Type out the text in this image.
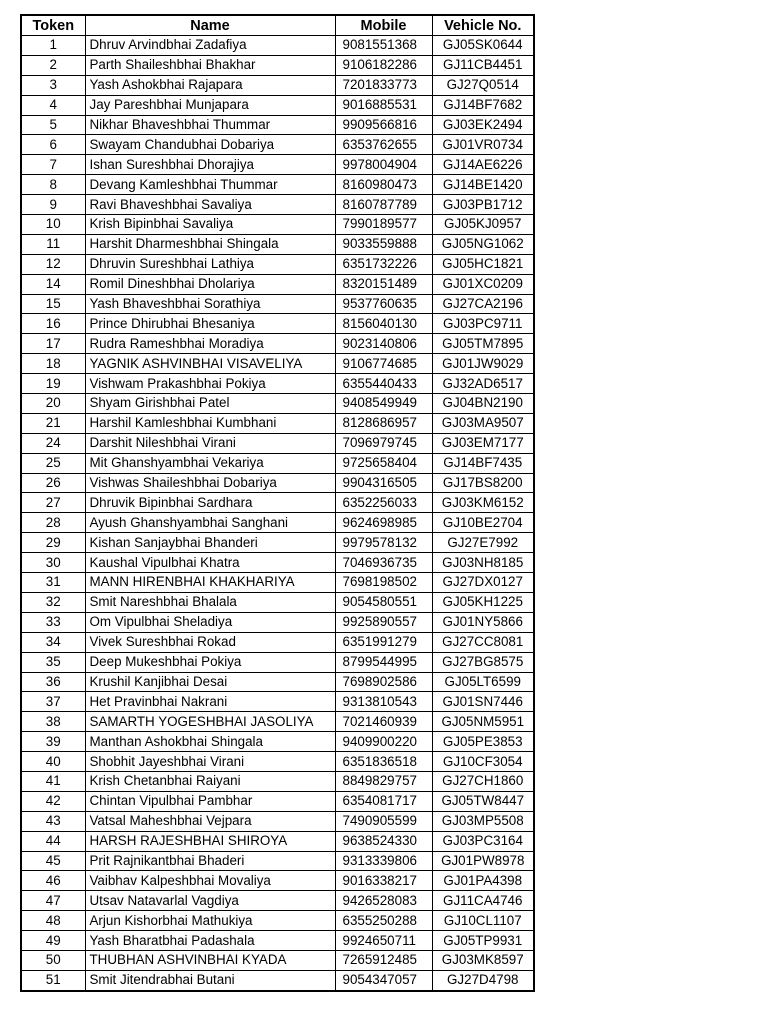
Token	Name	Mobile	Vehicle No.
1	Dhruv Arvindbhai Zadafiya	9081551368	GJ05SK0644
2	Parth Shaileshbhai Bhakhar	9106182286	GJ11CB4451
3	Yash Ashokbhai Rajapara	7201833773	GJ27Q0514
4	Jay Pareshbhai Munjapara	9016885531	GJ14BF7682
5	Nikhar Bhaveshbhai Thummar	9909566816	GJ03EK2494
6	Swayam Chandubhai Dobariya	6353762655	GJ01VR0734
7	Ishan Sureshbhai Dhorajiya	9978004904	GJ14AE6226
8	Devang Kamleshbhai Thummar	8160980473	GJ14BE1420
9	Ravi Bhaveshbhai Savaliya	8160787789	GJ03PB1712
10	Krish Bipinbhai Savaliya	7990189577	GJ05KJ0957
11	Harshit Dharmeshbhai Shingala	9033559888	GJ05NG1062
12	Dhruvin Sureshbhai Lathiya	6351732226	GJ05HC1821
14	Romil Dineshbhai Dholariya	8320151489	GJ01XC0209
15	Yash Bhaveshbhai Sorathiya	9537760635	GJ27CA2196
16	Prince Dhirubhai Bhesaniya	8156040130	GJ03PC9711
17	Rudra Rameshbhai Moradiya	9023140806	GJ05TM7895
18	YAGNIK ASHVINBHAI VISAVELIYA	9106774685	GJ01JW9029
19	Vishwam Prakashbhai Pokiya	6355440433	GJ32AD6517
20	Shyam Girishbhai Patel	9408549949	GJ04BN2190
21	Harshil Kamleshbhai Kumbhani	8128686957	GJ03MA9507
24	Darshit Nileshbhai Virani	7096979745	GJ03EM7177
25	Mit Ghanshyambhai Vekariya	9725658404	GJ14BF7435
26	Vishwas Shaileshbhai Dobariya	9904316505	GJ17BS8200
27	Dhruvik Bipinbhai Sardhara	6352256033	GJ03KM6152
28	Ayush Ghanshyambhai Sanghani	9624698985	GJ10BE2704
29	Kishan Sanjaybhai Bhanderi	9979578132	GJ27E7992
30	Kaushal Vipulbhai Khatra	7046936735	GJ03NH8185
31	MANN HIRENBHAI KHAKHARIYA	7698198502	GJ27DX0127
32	Smit Nareshbhai Bhalala	9054580551	GJ05KH1225
33	Om Vipulbhai Sheladiya	9925890557	GJ01NY5866
34	Vivek Sureshbhai Rokad	6351991279	GJ27CC8081
35	Deep Mukeshbhai Pokiya	8799544995	GJ27BG8575
36	Krushil Kanjibhai Desai	7698902586	GJ05LT6599
37	Het Pravinbhai Nakrani	9313810543	GJ01SN7446
38	SAMARTH YOGESHBHAI JASOLIYA	7021460939	GJ05NM5951
39	Manthan Ashokbhai Shingala	9409900220	GJ05PE3853
40	Shobhit Jayeshbhai Virani	6351836518	GJ10CF3054
41	Krish Chetanbhai Raiyani	8849829757	GJ27CH1860
42	Chintan Vipulbhai Pambhar	6354081717	GJ05TW8447
43	Vatsal Maheshbhai Vejpara	7490905599	GJ03MP5508
44	HARSH RAJESHBHAI SHIROYA	9638524330	GJ03PC3164
45	Prit Rajnikantbhai Bhaderi	9313339806	GJ01PW8978
46	Vaibhav Kalpeshbhai Movaliya	9016338217	GJ01PA4398
47	Utsav Natavarlal Vagdiya	9426528083	GJ11CA4746
48	Arjun Kishorbhai Mathukiya	6355250288	GJ10CL1107
49	Yash Bharatbhai Padashala	9924650711	GJ05TP9931
50	THUBHAN ASHVINBHAI KYADA	7265912485	GJ03MK8597
51	Smit Jitendrabhai Butani	9054347057	GJ27D4798
